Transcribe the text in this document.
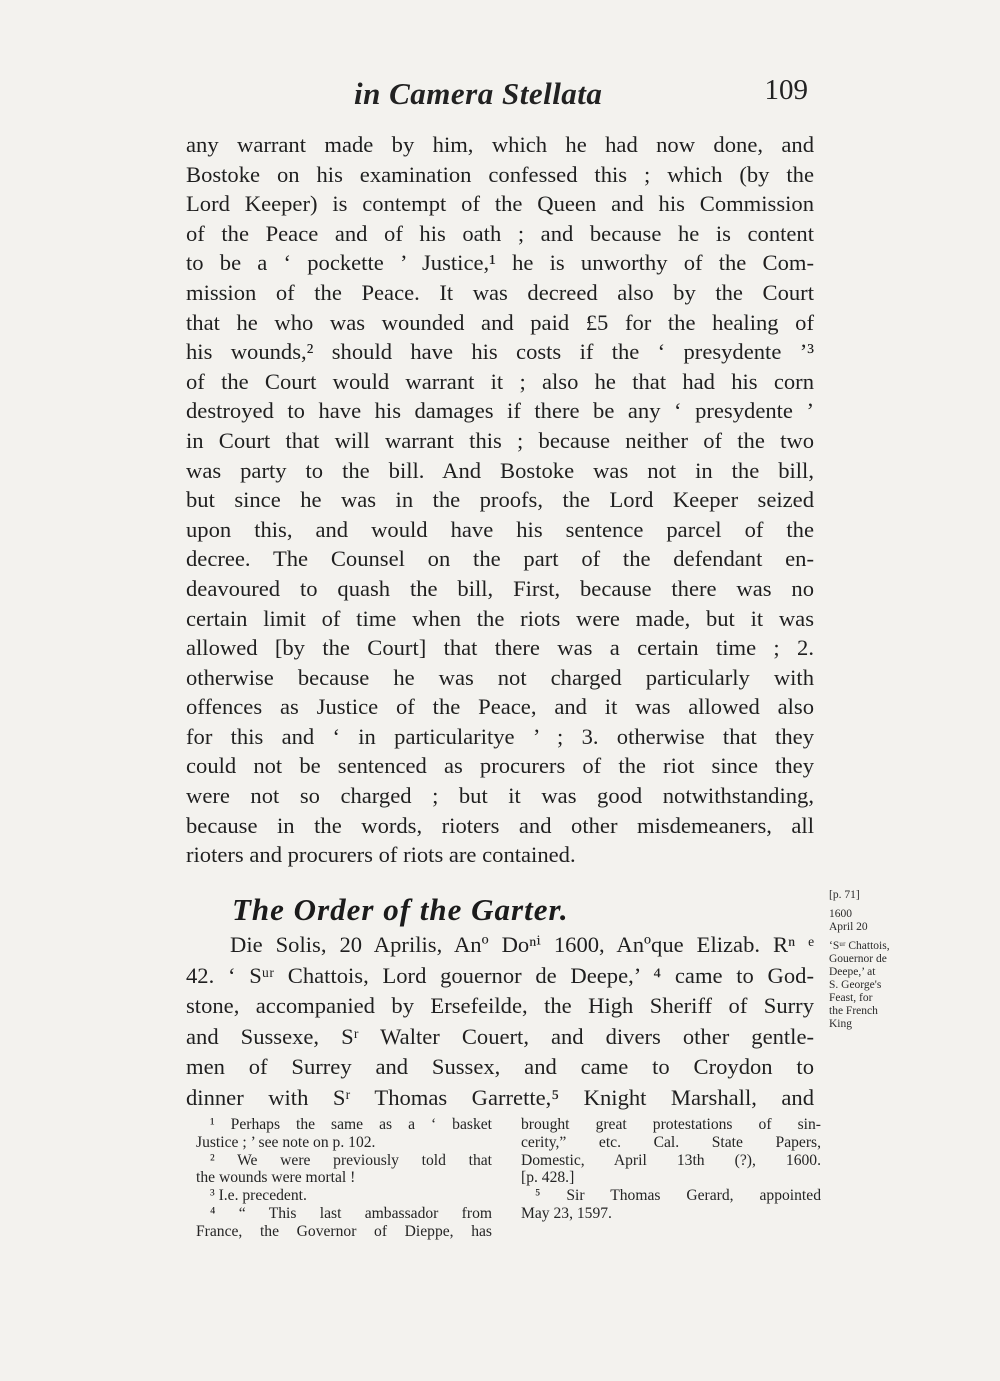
in Camera Stellata	109
any warrant made by him, which he had now done, and
Bostoke on his examination confessed this ; which (by the
Lord Keeper) is contempt of the Queen and his Commission
of the Peace and of his oath ; and because he is content
to be a ‘ pockette ’ Justice,¹ he is unworthy of the Com-
mission of the Peace. It was decreed also by the Court
that he who was wounded and paid £5 for the healing of
his wounds,² should have his costs if the ‘ presydente ’³
of the Court would warrant it ; also he that had his corn
destroyed to have his damages if there be any ‘ presydente ’
in Court that will warrant this ; because neither of the two
was party to the bill. And Bostoke was not in the bill,
but since he was in the proofs, the Lord Keeper seized
upon this, and would have his sentence parcel of the
decree. The Counsel on the part of the defendant en-
deavoured to quash the bill, First, because there was no
certain limit of time when the riots were made, but it was
allowed [by the Court] that there was a certain time ; 2.
otherwise because he was not charged particularly with
offences as Justice of the Peace, and it was allowed also
for this and ‘ in particularitye ’ ; 3. otherwise that they
could not be sentenced as procurers of the riot since they
were not so charged ; but it was good notwithstanding,
because in the words, rioters and other misdemeaners, all
rioters and procurers of riots are contained.
The Order of the Garter.
Die Solis, 20 Aprilis, Anº Doⁿⁱ 1600, Anºque Elizab. Rⁿ ᵉ
42. ‘ Sᵘʳ Chattois, Lord gouernor de Deepe,’ ⁴ came to God-
stone, accompanied by Ersefeilde, the High Sheriff of Surry
and Sussexe, Sʳ Walter Couert, and divers other gentle-
men of Surrey and Sussex, and came to Croydon to
dinner with Sʳ Thomas Garrette,⁵ Knight Marshall, and
[p. 71]
1600
April 20
‘Sᵘʳ Chattois,
Gouernor de
Deepe,’ at
S. George's
Feast, for
the French
King
¹ Perhaps the same as a ‘ basket
Justice ; ’ see note on p. 102.
² We were previously told that
the wounds were mortal !
³ I.e. precedent.
⁴ “ This last ambassador from
France, the Governor of Dieppe, has
brought great protestations of sin-
cerity,” etc. Cal. State Papers,
Domestic, April 13th (?), 1600.
[p. 428.]
⁵ Sir Thomas Gerard, appointed
May 23, 1597.
